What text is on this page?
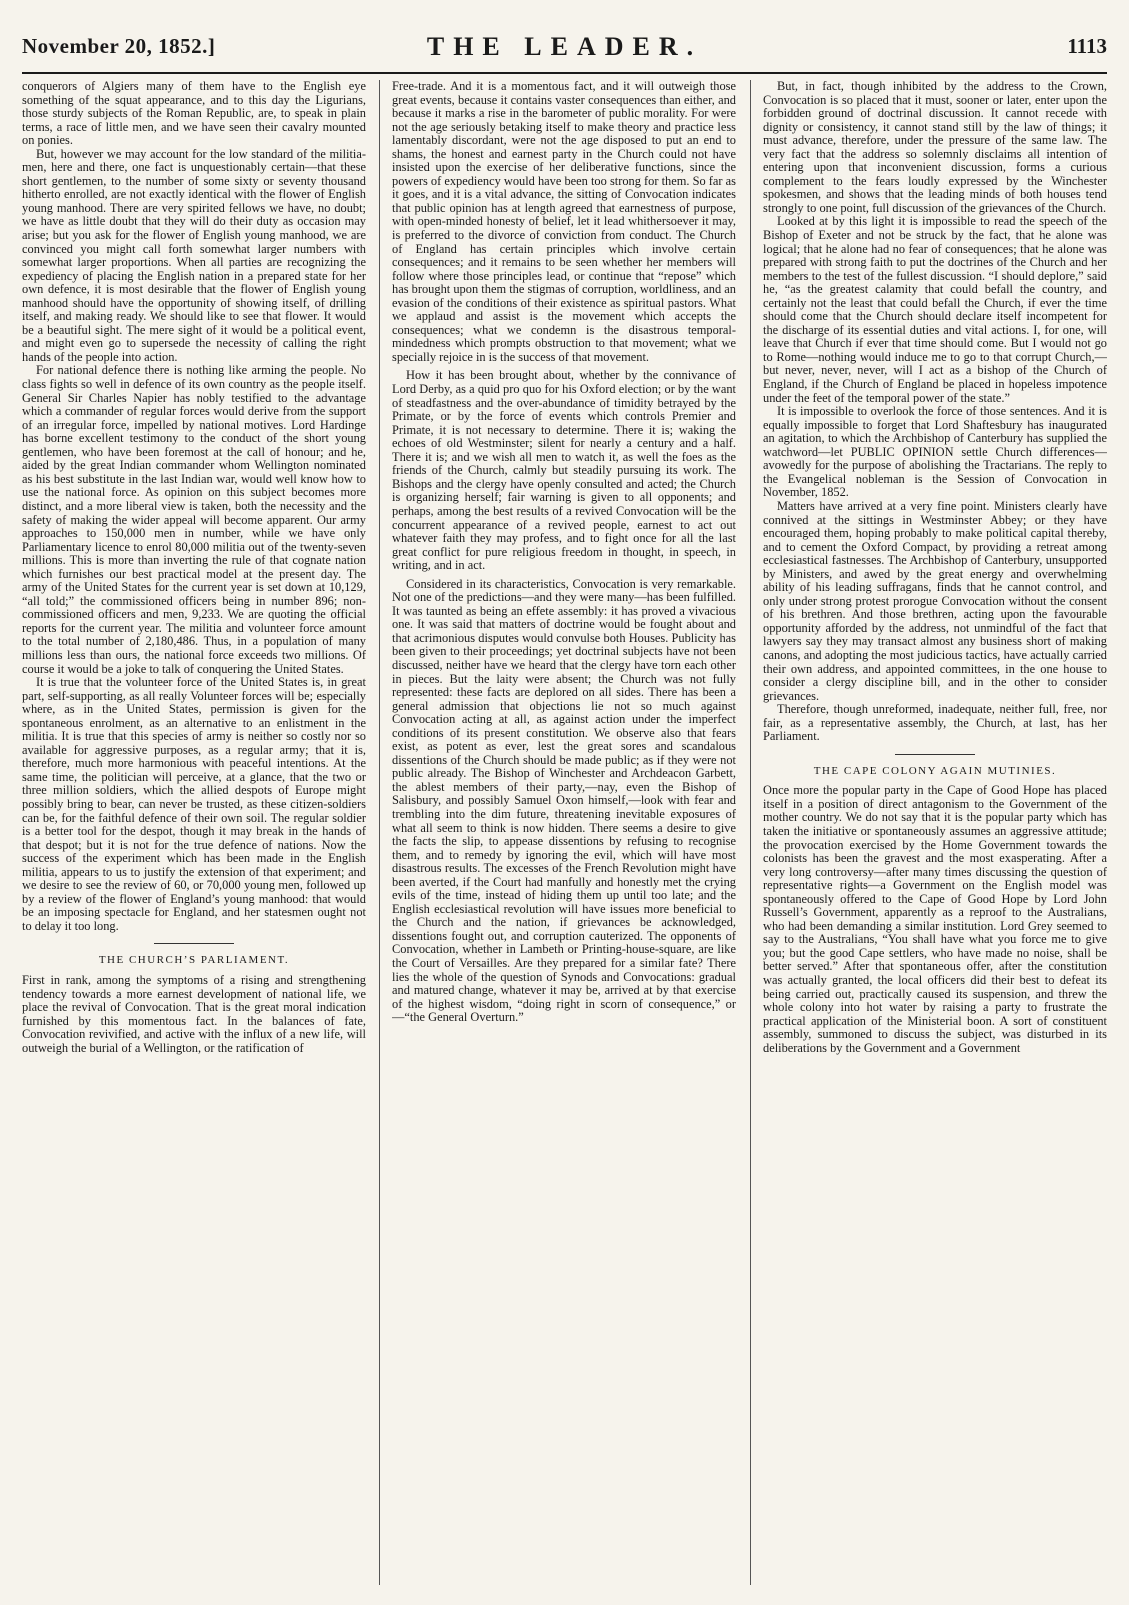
November 20, 1852.]	THE LEADER.	1113

conquerors of Algiers many of them have to the English eye something of the squat appearance, and to this day the Ligurians, those sturdy subjects of the Roman Republic, are, to speak in plain terms, a race of little men, and we have seen their cavalry mounted on ponies.

But, however we may account for the low standard of the militia-men, here and there, one fact is unquestionably certain—that these short gentlemen, to the number of some sixty or seventy thousand hitherto enrolled, are not exactly identical with the flower of English young manhood. There are very spirited fellows we have, no doubt; we have as little doubt that they will do their duty as occasion may arise; but you ask for the flower of English young manhood, we are convinced you might call forth somewhat larger numbers with somewhat larger proportions. When all parties are recognizing the expediency of placing the English nation in a prepared state for her own defence, it is most desirable that the flower of English young manhood should have the opportunity of showing itself, of drilling itself, and making ready. We should like to see that flower. It would be a beautiful sight. The mere sight of it would be a political event, and might even go to supersede the necessity of calling the right hands of the people into action.

For national defence there is nothing like arming the people. No class fights so well in defence of its own country as the people itself. General Sir Charles Napier has nobly testified to the advantage which a commander of regular forces would derive from the support of an irregular force, impelled by national motives. Lord Hardinge has borne excellent testimony to the conduct of the short young gentlemen, who have been foremost at the call of honour; and he, aided by the great Indian commander whom Wellington nominated as his best substitute in the last Indian war, would well know how to use the national force. As opinion on this subject becomes more distinct, and a more liberal view is taken, both the necessity and the safety of making the wider appeal will become apparent. Our army approaches to 150,000 men in number, while we have only Parliamentary licence to enrol 80,000 militia out of the twenty-seven millions. This is more than inverting the rule of that cognate nation which furnishes our best practical model at the present day. The army of the United States for the current year is set down at 10,129, “all told;” the commissioned officers being in number 896; non-commissioned officers and men, 9,233. We are quoting the official reports for the current year. The militia and volunteer force amount to the total number of 2,180,486. Thus, in a population of many millions less than ours, the national force exceeds two millions. Of course it would be a joke to talk of conquering the United States.

It is true that the volunteer force of the United States is, in great part, self-supporting, as all really Volunteer forces will be; especially where, as in the United States, permission is given for the spontaneous enrolment, as an alternative to an enlistment in the militia. It is true that this species of army is neither so costly nor so available for aggressive purposes, as a regular army; that it is, therefore, much more harmonious with peaceful intentions. At the same time, the politician will perceive, at a glance, that the two or three million soldiers, which the allied despots of Europe might possibly bring to bear, can never be trusted, as these citizen-soldiers can be, for the faithful defence of their own soil. The regular soldier is a better tool for the despot, though it may break in the hands of that despot; but it is not for the true defence of nations. Now the success of the experiment which has been made in the English militia, appears to us to justify the extension of that experiment; and we desire to see the review of 60, or 70,000 young men, followed up by a review of the flower of England’s young manhood: that would be an imposing spectacle for England, and her statesmen ought not to delay it too long.

THE CHURCH’S PARLIAMENT.

First in rank, among the symptoms of a rising and strengthening tendency towards a more earnest development of national life, we place the revival of Convocation. That is the great moral indication furnished by this momentous fact. In the balances of fate, Convocation revivified, and active with the influx of a new life, will outweigh the burial of a Wellington, or the ratification of

Free-trade. And it is a momentous fact, and it will outweigh those great events, because it contains vaster consequences than either, and because it marks a rise in the barometer of public morality. For were not the age seriously betaking itself to make theory and practice less lamentably discordant, were not the age disposed to put an end to shams, the honest and earnest party in the Church could not have insisted upon the exercise of her deliberative functions, since the powers of expediency would have been too strong for them. So far as it goes, and it is a vital advance, the sitting of Convocation indicates that public opinion has at length agreed that earnestness of purpose, with open-minded honesty of belief, let it lead whithersoever it may, is preferred to the divorce of conviction from conduct. The Church of England has certain principles which involve certain consequences; and it remains to be seen whether her members will follow where those principles lead, or continue that “repose” which has brought upon them the stigmas of corruption, worldliness, and an evasion of the conditions of their existence as spiritual pastors. What we applaud and assist is the movement which accepts the consequences; what we condemn is the disastrous temporal-mindedness which prompts obstruction to that movement; what we specially rejoice in is the success of that movement.

How it has been brought about, whether by the connivance of Lord Derby, as a quid pro quo for his Oxford election; or by the want of steadfastness and the over-abundance of timidity betrayed by the Primate, or by the force of events which controls Premier and Primate, it is not necessary to determine. There it is; waking the echoes of old Westminster; silent for nearly a century and a half. There it is; and we wish all men to watch it, as well the foes as the friends of the Church, calmly but steadily pursuing its work. The Bishops and the clergy have openly consulted and acted; the Church is organizing herself; fair warning is given to all opponents; and perhaps, among the best results of a revived Convocation will be the concurrent appearance of a revived people, earnest to act out whatever faith they may profess, and to fight once for all the last great conflict for pure religious freedom in thought, in speech, in writing, and in act.

Considered in its characteristics, Convocation is very remarkable. Not one of the predictions—and they were many—has been fulfilled. It was taunted as being an effete assembly: it has proved a vivacious one. It was said that matters of doctrine would be fought about and that acrimonious disputes would convulse both Houses. Publicity has been given to their proceedings; yet doctrinal subjects have not been discussed, neither have we heard that the clergy have torn each other in pieces. But the laity were absent; the Church was not fully represented: these facts are deplored on all sides. There has been a general admission that objections lie not so much against Convocation acting at all, as against action under the imperfect conditions of its present constitution. We observe also that fears exist, as potent as ever, lest the great sores and scandalous dissentions of the Church should be made public; as if they were not public already. The Bishop of Winchester and Archdeacon Garbett, the ablest members of their party,—nay, even the Bishop of Salisbury, and possibly Samuel Oxon himself,—look with fear and trembling into the dim future, threatening inevitable exposures of what all seem to think is now hidden. There seems a desire to give the facts the slip, to appease dissentions by refusing to recognise them, and to remedy by ignoring the evil, which will have most disastrous results. The excesses of the French Revolution might have been averted, if the Court had manfully and honestly met the crying evils of the time, instead of hiding them up until too late; and the English ecclesiastical revolution will have issues more beneficial to the Church and the nation, if grievances be acknowledged, dissentions fought out, and corruption cauterized. The opponents of Convocation, whether in Lambeth or Printing-house-square, are like the Court of Versailles. Are they prepared for a similar fate? There lies the whole of the question of Synods and Convocations: gradual and matured change, whatever it may be, arrived at by that exercise of the highest wisdom, “doing right in scorn of consequence,” or—“the General Overturn.”

But, in fact, though inhibited by the address to the Crown, Convocation is so placed that it must, sooner or later, enter upon the forbidden ground of doctrinal discussion. It cannot recede with dignity or consistency, it cannot stand still by the law of things; it must advance, therefore, under the pressure of the same law. The very fact that the address so solemnly disclaims all intention of entering upon that inconvenient discussion, forms a curious complement to the fears loudly expressed by the Winchester spokesmen, and shows that the leading minds of both houses tend strongly to one point, full discussion of the grievances of the Church.

Looked at by this light it is impossible to read the speech of the Bishop of Exeter and not be struck by the fact, that he alone was logical; that he alone had no fear of consequences; that he alone was prepared with strong faith to put the doctrines of the Church and her members to the test of the fullest discussion. “I should deplore,” said he, “as the greatest calamity that could befall the country, and certainly not the least that could befall the Church, if ever the time should come that the Church should declare itself incompetent for the discharge of its essential duties and vital actions. I, for one, will leave that Church if ever that time should come. But I would not go to Rome—nothing would induce me to go to that corrupt Church,—but never, never, never, will I act as a bishop of the Church of England, if the Church of England be placed in hopeless impotence under the feet of the temporal power of the state.”

It is impossible to overlook the force of those sentences. And it is equally impossible to forget that Lord Shaftesbury has inaugurated an agitation, to which the Archbishop of Canterbury has supplied the watchword—let PUBLIC OPINION settle Church differences—avowedly for the purpose of abolishing the Tractarians. The reply to the Evangelical nobleman is the Session of Convocation in November, 1852.

Matters have arrived at a very fine point. Ministers clearly have connived at the sittings in Westminster Abbey; or they have encouraged them, hoping probably to make political capital thereby, and to cement the Oxford Compact, by providing a retreat among ecclesiastical fastnesses. The Archbishop of Canterbury, unsupported by Ministers, and awed by the great energy and overwhelming ability of his leading suffragans, finds that he cannot control, and only under strong protest prorogue Convocation without the consent of his brethren. And those brethren, acting upon the favourable opportunity afforded by the address, not unmindful of the fact that lawyers say they may transact almost any business short of making canons, and adopting the most judicious tactics, have actually carried their own address, and appointed committees, in the one house to consider a clergy discipline bill, and in the other to consider grievances.

Therefore, though unreformed, inadequate, neither full, free, nor fair, as a representative assembly, the Church, at last, has her Parliament.

THE CAPE COLONY AGAIN MUTINIES.

Once more the popular party in the Cape of Good Hope has placed itself in a position of direct antagonism to the Government of the mother country. We do not say that it is the popular party which has taken the initiative or spontaneously assumes an aggressive attitude; the provocation exercised by the Home Government towards the colonists has been the gravest and the most exasperating. After a very long controversy—after many times discussing the question of representative rights—a Government on the English model was spontaneously offered to the Cape of Good Hope by Lord John Russell’s Government, apparently as a reproof to the Australians, who had been demanding a similar institution. Lord Grey seemed to say to the Australians, “You shall have what you force me to give you; but the good Cape settlers, who have made no noise, shall be better served.” After that spontaneous offer, after the constitution was actually granted, the local officers did their best to defeat its being carried out, practically caused its suspension, and threw the whole colony into hot water by raising a party to frustrate the practical application of the Ministerial boon. A sort of constituent assembly, summoned to discuss the subject, was disturbed in its deliberations by the Government and a Government
